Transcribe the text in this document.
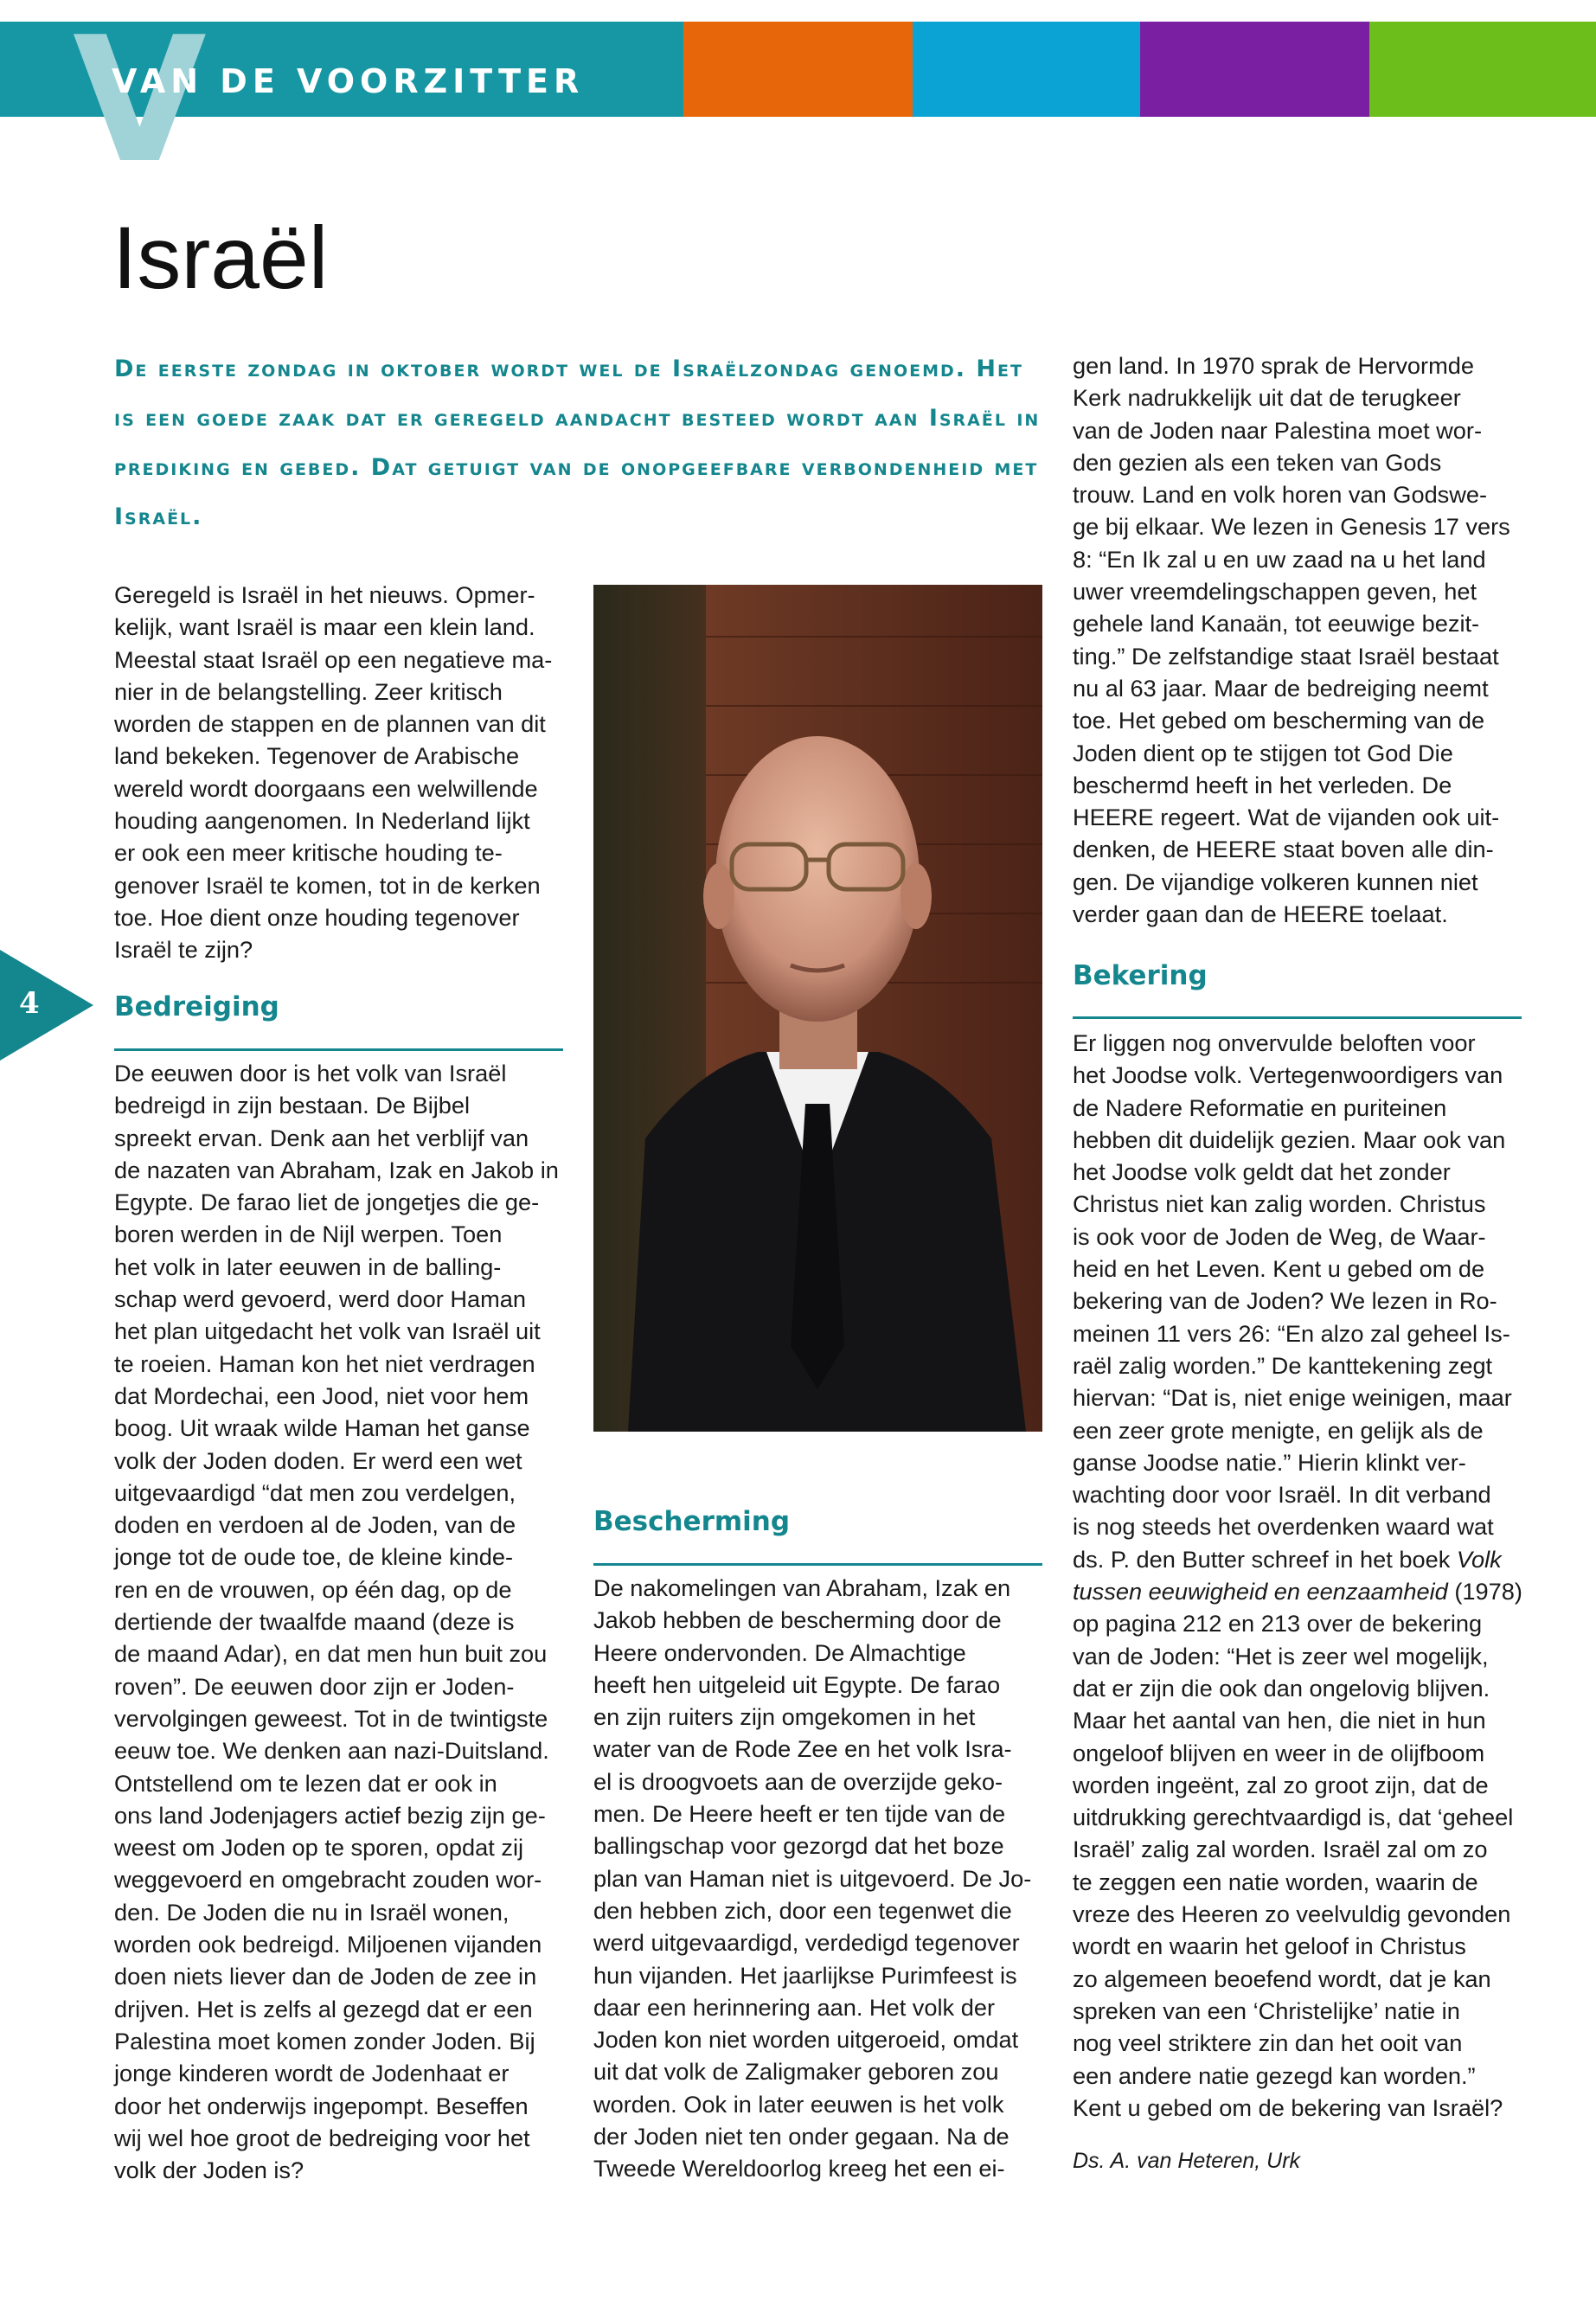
V
VAN DE VOORZITTER
Israël
De eerste zondag in oktober wordt wel de Israëlzondag genoemd. Het is een goede zaak dat er geregeld aandacht besteed wordt aan Israël in prediking en gebed. Dat getuigt van de onopgeefbare verbondenheid met Israël.
Geregeld is Israël in het nieuws. Opmer-
kelijk, want Israël is maar een klein land.
Meestal staat Israël op een negatieve ma-
nier in de belangstelling. Zeer kritisch
worden de stappen en de plannen van dit
land bekeken. Tegenover de Arabische
wereld wordt doorgaans een welwillende
houding aangenomen. In Nederland lijkt
er ook een meer kritische houding te-
genover Israël te komen, tot in de kerken
toe. Hoe dient onze houding tegenover
Israël te zijn?
Bedreiging
De eeuwen door is het volk van Israël
bedreigd in zijn bestaan. De Bijbel
spreekt ervan. Denk aan het verblijf van
de nazaten van Abraham, Izak en Jakob in
Egypte. De farao liet de jongetjes die ge-
boren werden in de Nijl werpen. Toen
het volk in later eeuwen in de balling-
schap werd gevoerd, werd door Haman
het plan uitgedacht het volk van Israël uit
te roeien. Haman kon het niet verdragen
dat Mordechai, een Jood, niet voor hem
boog. Uit wraak wilde Haman het ganse
volk der Joden doden. Er werd een wet
uitgevaardigd “dat men zou verdelgen,
doden en verdoen al de Joden, van de
jonge tot de oude toe, de kleine kinde-
ren en de vrouwen, op één dag, op de
dertiende der twaalfde maand (deze is
de maand Adar), en dat men hun buit zou
roven”. De eeuwen door zijn er Joden-
vervolgingen geweest. Tot in de twintigste
eeuw toe. We denken aan nazi-Duitsland.
Ontstellend om te lezen dat er ook in
ons land Jodenjagers actief bezig zijn ge-
weest om Joden op te sporen, opdat zij
weggevoerd en omgebracht zouden wor-
den. De Joden die nu in Israël wonen,
worden ook bedreigd. Miljoenen vijanden
doen niets liever dan de Joden de zee in
drijven. Het is zelfs al gezegd dat er een
Palestina moet komen zonder Joden. Bij
jonge kinderen wordt de Jodenhaat er
door het onderwijs ingepompt. Beseffen
wij wel hoe groot de bedreiging voor het
volk der Joden is?
Bescherming
De nakomelingen van Abraham, Izak en
Jakob hebben de bescherming door de
Heere ondervonden. De Almachtige
heeft hen uitgeleid uit Egypte. De farao
en zijn ruiters zijn omgekomen in het
water van de Rode Zee en het volk Isra-
el is droogvoets aan de overzijde geko-
men. De Heere heeft er ten tijde van de
ballingschap voor gezorgd dat het boze
plan van Haman niet is uitgevoerd. De Jo-
den hebben zich, door een tegenwet die
werd uitgevaardigd, verdedigd tegenover
hun vijanden. Het jaarlijkse Purimfeest is
daar een herinnering aan. Het volk der
Joden kon niet worden uitgeroeid, omdat
uit dat volk de Zaligmaker geboren zou
worden. Ook in later eeuwen is het volk
der Joden niet ten onder gegaan. Na de
Tweede Wereldoorlog kreeg het een ei-
gen land. In 1970 sprak de Hervormde
Kerk nadrukkelijk uit dat de terugkeer
van de Joden naar Palestina moet wor-
den gezien als een teken van Gods
trouw. Land en volk horen van Godswe-
ge bij elkaar. We lezen in Genesis 17 vers
8: “En Ik zal u en uw zaad na u het land
uwer vreemdelingschappen geven, het
gehele land Kanaän, tot eeuwige bezit-
ting.” De zelfstandige staat Israël bestaat
nu al 63 jaar. Maar de bedreiging neemt
toe. Het gebed om bescherming van de
Joden dient op te stijgen tot God Die
beschermd heeft in het verleden. De
HEERE regeert. Wat de vijanden ook uit-
denken, de HEERE staat boven alle din-
gen. De vijandige volkeren kunnen niet
verder gaan dan de HEERE toelaat.
Bekering
Er liggen nog onvervulde beloften voor
het Joodse volk. Vertegenwoordigers van
de Nadere Reformatie en puriteinen
hebben dit duidelijk gezien. Maar ook van
het Joodse volk geldt dat het zonder
Christus niet kan zalig worden. Christus
is ook voor de Joden de Weg, de Waar-
heid en het Leven. Kent u gebed om de
bekering van de Joden? We lezen in Ro-
meinen 11 vers 26: “En alzo zal geheel Is-
raël zalig worden.” De kanttekening zegt
hiervan: “Dat is, niet enige weinigen, maar
een zeer grote menigte, en gelijk als de
ganse Joodse natie.” Hierin klinkt ver-
wachting door voor Israël. In dit verband
is nog steeds het overdenken waard wat
ds. P. den Butter schreef in het boek Volk
tussen eeuwigheid en eenzaamheid (1978)
op pagina 212 en 213 over de bekering
van de Joden: “Het is zeer wel mogelijk,
dat er zijn die ook dan ongelovig blijven.
Maar het aantal van hen, die niet in hun
ongeloof blijven en weer in de olijfboom
worden ingeënt, zal zo groot zijn, dat de
uitdrukking gerechtvaardigd is, dat ‘geheel
Israël’ zalig zal worden. Israël zal om zo
te zeggen een natie worden, waarin de
vreze des Heeren zo veelvuldig gevonden
wordt en waarin het geloof in Christus
zo algemeen beoefend wordt, dat je kan
spreken van een ‘Christelijke’ natie in
nog veel striktere zin dan het ooit van
een andere natie gezegd kan worden.”
Kent u gebed om de bekering van Israël?
Ds. A. van Heteren, Urk
4
